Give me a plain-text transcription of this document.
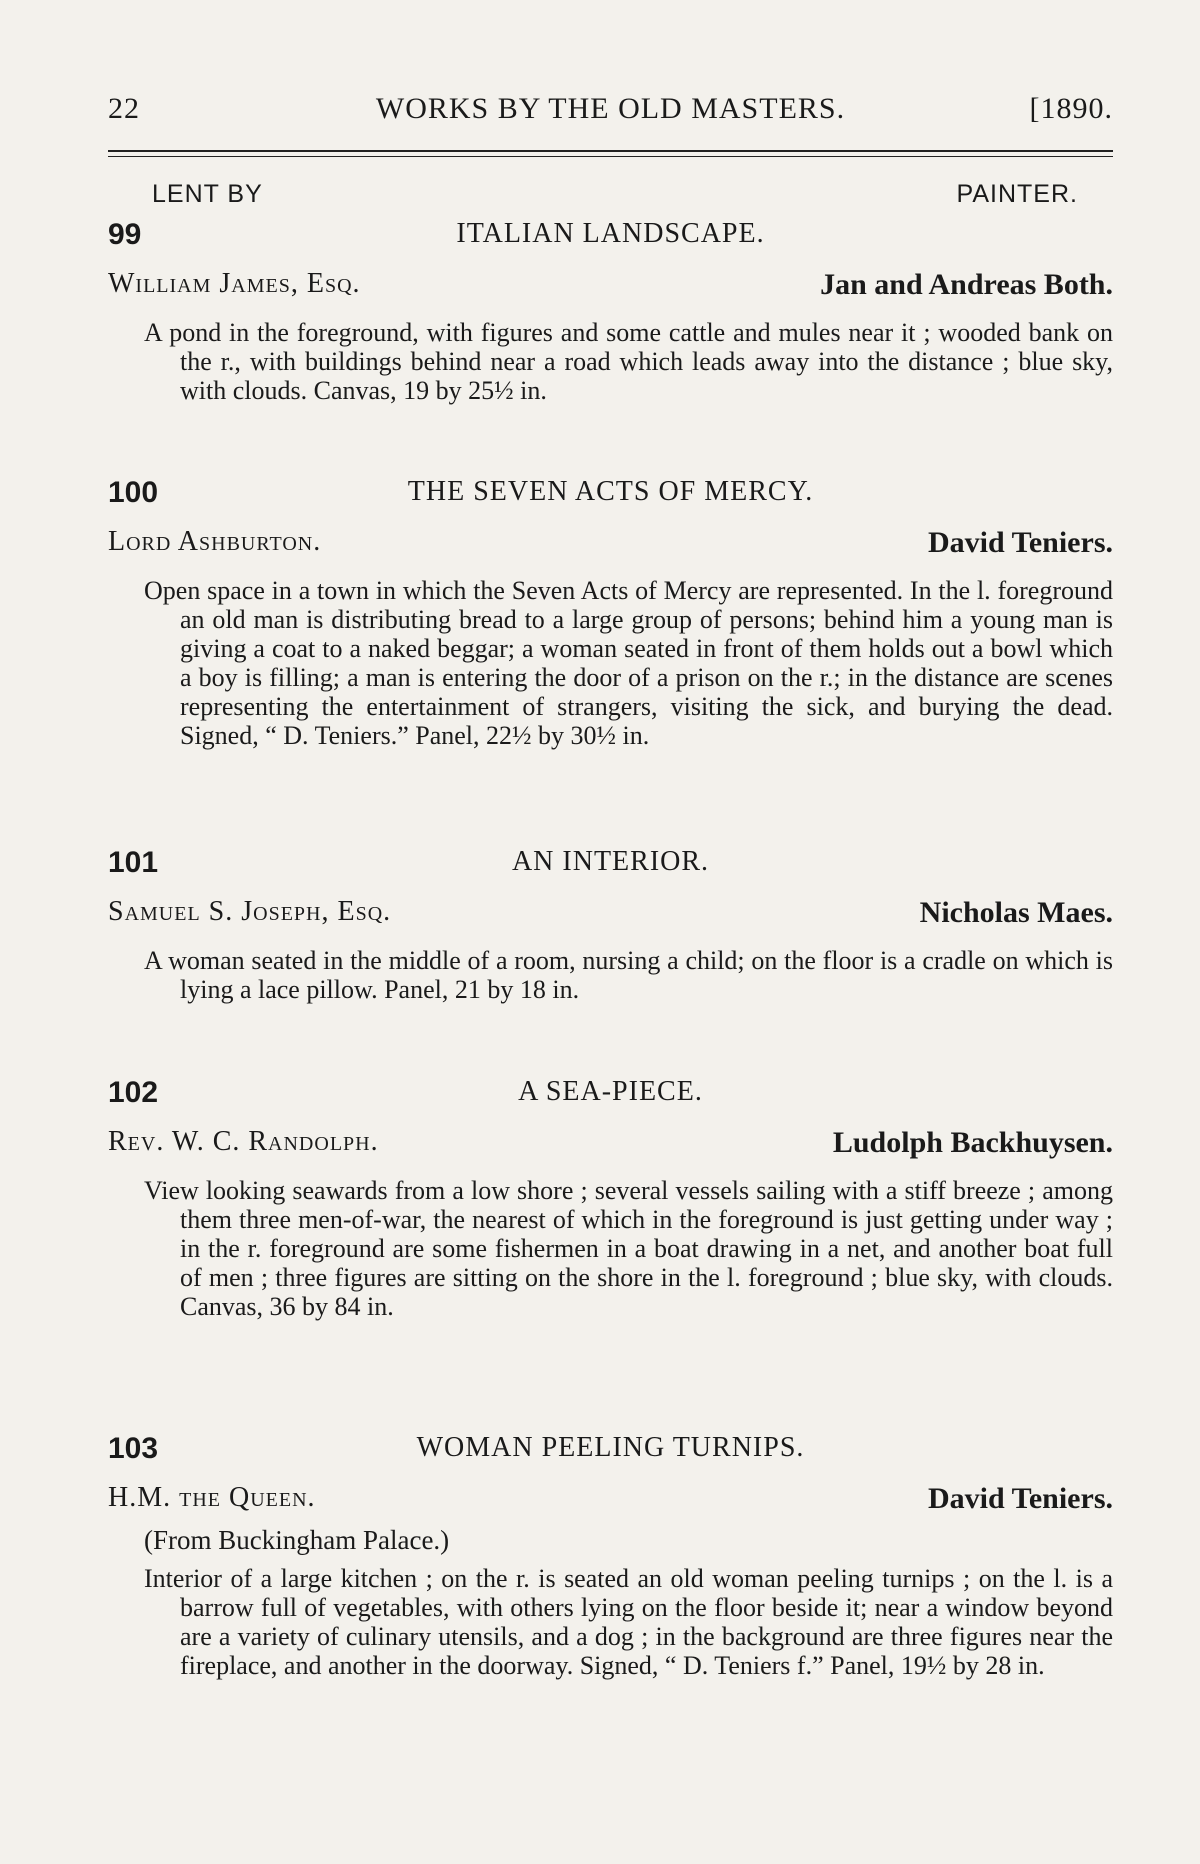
22	WORKS BY THE OLD MASTERS.	[1890.
LENT BY	PAINTER.
99	ITALIAN LANDSCAPE.
William James, Esq.	Jan and Andreas Both.
A pond in the foreground, with figures and some cattle and mules near it ; wooded bank on the r., with buildings behind near a road which leads away into the distance ; blue sky, with clouds. Canvas, 19 by 25½ in.
100	THE SEVEN ACTS OF MERCY.
Lord Ashburton.	David Teniers.
Open space in a town in which the Seven Acts of Mercy are represented. In the l. foreground an old man is distributing bread to a large group of persons; behind him a young man is giving a coat to a naked beggar; a woman seated in front of them holds out a bowl which a boy is filling; a man is entering the door of a prison on the r.; in the distance are scenes representing the entertainment of strangers, visiting the sick, and burying the dead. Signed, “ D. Teniers.” Panel, 22½ by 30½ in.
101	AN INTERIOR.
Samuel S. Joseph, Esq.	Nicholas Maes.
A woman seated in the middle of a room, nursing a child; on the floor is a cradle on which is lying a lace pillow. Panel, 21 by 18 in.
102	A SEA-PIECE.
Rev. W. C. Randolph.	Ludolph Backhuysen.
View looking seawards from a low shore ; several vessels sailing with a stiff breeze ; among them three men-of-war, the nearest of which in the foreground is just getting under way ; in the r. foreground are some fishermen in a boat drawing in a net, and another boat full of men ; three figures are sitting on the shore in the l. foreground ; blue sky, with clouds. Canvas, 36 by 84 in.
103	WOMAN PEELING TURNIPS.
H.M. the Queen.	David Teniers.
(From Buckingham Palace.)
Interior of a large kitchen ; on the r. is seated an old woman peeling turnips ; on the l. is a barrow full of vegetables, with others lying on the floor beside it; near a window beyond are a variety of culinary utensils, and a dog ; in the background are three figures near the fireplace, and another in the doorway. Signed, “ D. Teniers f.” Panel, 19½ by 28 in.
